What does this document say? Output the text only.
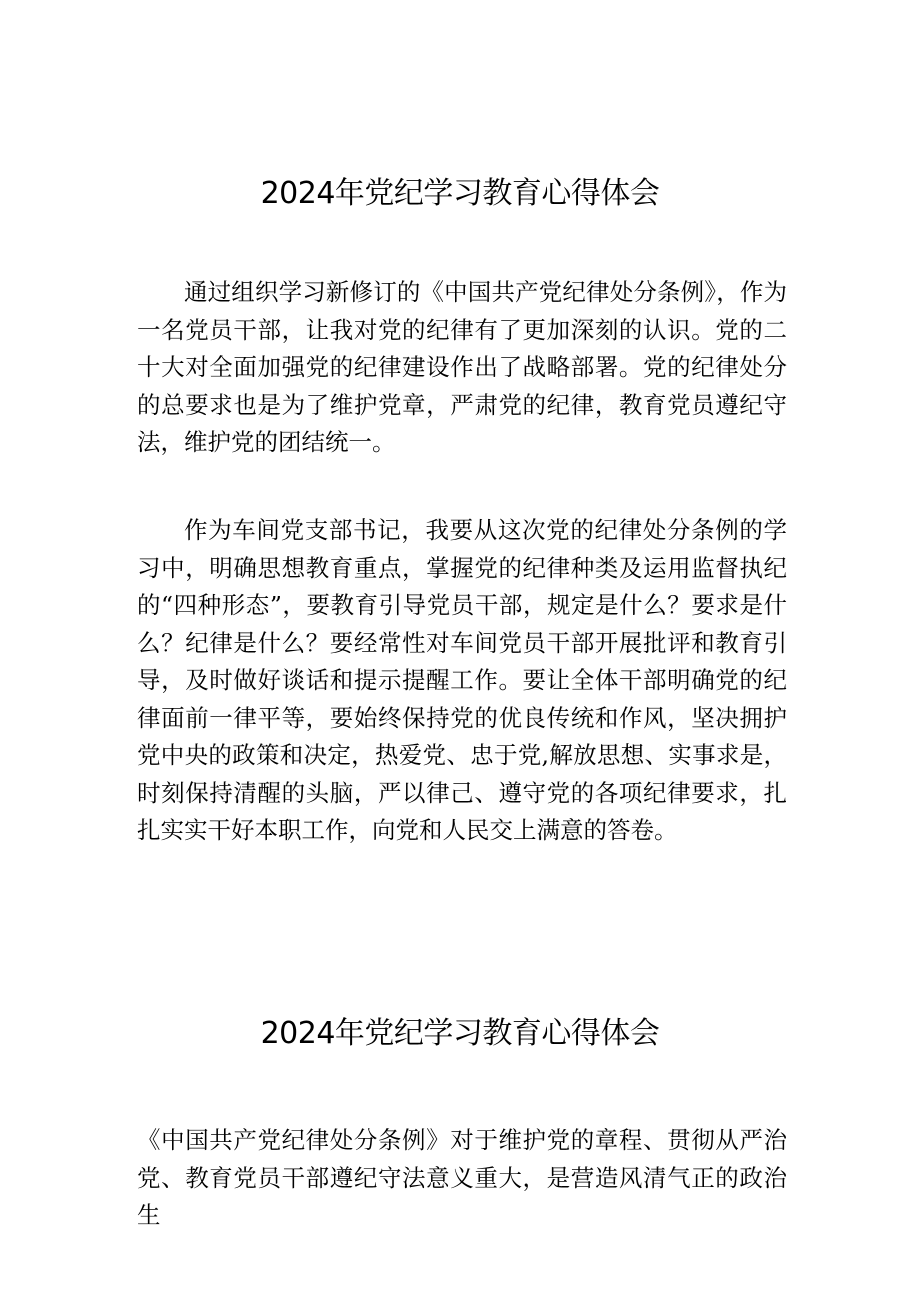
2024年党纪学习教育心得体会

通过组织学习新修订的《中国共产党纪律处分条例》，作为一名党员干部，让我对党的纪律有了更加深刻的认识。党的二十大对全面加强党的纪律建设作出了战略部署。党的纪律处分的总要求也是为了维护党章，严肃党的纪律，教育党员遵纪守法，维护党的团结统一。

作为车间党支部书记，我要从这次党的纪律处分条例的学习中，明确思想教育重点，掌握党的纪律种类及运用监督执纪的“四种形态”，要教育引导党员干部，规定是什么？要求是什么？纪律是什么？要经常性对车间党员干部开展批评和教育引导，及时做好谈话和提示提醒工作。要让全体干部明确党的纪律面前一律平等，要始终保持党的优良传统和作风，坚决拥护党中央的政策和决定，热爱党、忠于党,解放思想、实事求是，时刻保持清醒的头脑，严以律己、遵守党的各项纪律要求，扎扎实实干好本职工作，向党和人民交上满意的答卷。

2024年党纪学习教育心得体会

《中国共产党纪律处分条例》对于维护党的章程、贯彻从严治党、教育党员干部遵纪守法意义重大，是营造风清气正的政治生
